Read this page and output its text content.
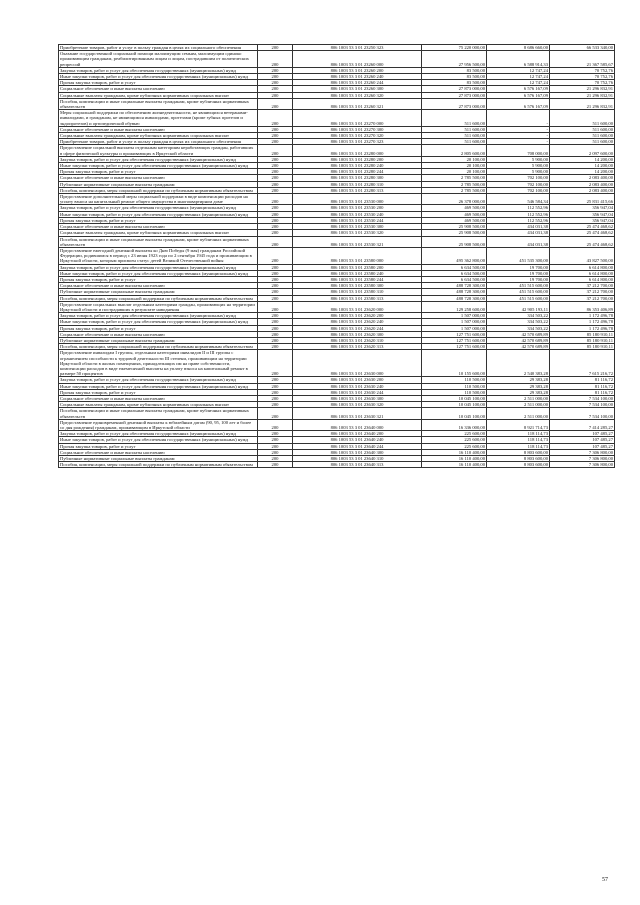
Приобретение товаров, работ и услуг в пользу граждан в целях их социального обеспечения	200	806 1003 53 3 01 23250 323	75 220 000,00	8 686 660,00	66 533 340,00
Оказание государственной социальной помощи малоимущим семьям, малоимущим одиноко проживающим гражданам, реабилитированным лицам и лицам, пострадавшим от политических репрессий	200	806 1003 53 3 01 23260 000	27 956 500,00	6 588 914,33	21 367 585,67
Закупка товаров, работ и услуг для обеспечения государственных (муниципальных) нужд	200	806 1003 53 3 01 23260 200	83 500,00	12 747,24	70 752,76
Иные закупки товаров, работ и услуг для обеспечения государственных (муниципальных) нужд	200	806 1003 53 3 01 23260 240	83 500,00	12 747,24	70 752,76
Прочая закупка товаров, работ и услуг	200	806 1003 53 3 01 23260 244	83 500,00	12 747,24	70 752,76
Социальное обеспечение и иные выплаты населению	200	806 1003 53 3 01 23260 300	27 873 000,00	6 576 167,09	21 296 832,91
Социальные выплаты гражданам, кроме публичных нормативных социальных выплат	200	806 1003 53 3 01 23260 320	27 873 000,00	6 576 167,09	21 296 832,91
Пособия, компенсации и иные социальные выплаты гражданам, кроме публичных нормативных обязательств	200	806 1003 53 3 01 23260 321	27 873 000,00	6 576 167,09	21 296 832,91
Меры социальной поддержки по обеспечению жизнедеятельности, не являющихся ветеранами-инвалидами, и гражданам, не являющимся инвалидами, протезами (кроме зубных протезов и эндопротезов) и ортопедической обувью	200	806 1003 53 3 01 23270 000	511 600,00	-	511 600,00
Социальное обеспечение и иные выплаты населению	200	806 1003 53 3 01 23270 300	511 600,00	-	511 600,00
Социальные выплаты гражданам, кроме публичных нормативных социальных выплат	200	806 1003 53 3 01 23270 320	511 600,00	-	511 600,00
Приобретение товаров, работ и услуг в пользу граждан в целях их социального обеспечения	200	806 1003 53 3 01 23270 323	511 600,00	-	511 600,00
Предоставление социальной выплаты отдельным категориям неработающих граждан, работавших в сфере физической культуры и проживающих в Иркутской области	200	806 1003 53 3 01 23280 000	2 805 600,00	708 000,00	2 097 600,00
Закупка товаров, работ и услуг для обеспечения государственных (муниципальных) нужд	200	806 1003 53 3 01 23280 200	20 100,00	5 900,00	14 200,00
Иные закупки товаров, работ и услуг для обеспечения государственных (муниципальных) нужд	200	806 1003 53 3 01 23280 240	20 100,00	5 900,00	14 200,00
Прочая закупка товаров, работ и услуг	200	806 1003 53 3 01 23280 244	20 100,00	5 900,00	14 200,00
Социальное обеспечение и иные выплаты населению	200	806 1003 53 3 01 23280 300	2 785 500,00	702 100,00	2 083 400,00
Публичные нормативные социальные выплаты гражданам	200	806 1003 53 3 01 23280 310	2 785 500,00	702 100,00	2 083 400,00
Пособия, компенсации, меры социальной поддержки по публичным нормативным обязательствам	200	806 1003 53 3 01 23280 313	2 785 500,00	702 100,00	2 083 400,00
Предоставление дополнительной меры социальной поддержки в виде компенсации расходов на уплату взноса на капитальный ремонт общего имущества в многоквартирном доме	200	806 1003 53 3 01 23530 000	26 378 000,00	546 584,34	25 831 415,66
Закупка товаров, работ и услуг для обеспечения государственных (муниципальных) нужд	200	806 1003 53 3 01 23530 200	469 500,00	112 552,96	356 947,04
Иные закупки товаров, работ и услуг для обеспечения государственных (муниципальных) нужд	200	806 1003 53 3 01 23530 240	469 500,00	112 552,96	356 947,04
Прочая закупка товаров, работ и услуг	200	806 1003 53 3 01 23530 244	469 500,00	112 552,96	356 947,04
Социальное обеспечение и иные выплаты населению	200	806 1003 53 3 01 23530 300	25 908 500,00	434 031,38	25 474 468,62
Социальные выплаты гражданам, кроме публичных нормативных социальных выплат	200	806 1003 53 3 01 23530 320	25 908 500,00	434 031,38	25 474 468,62
Пособия, компенсации и иные социальные выплаты гражданам, кроме публичных нормативных обязательств	200	806 1003 53 3 01 23530 321	25 908 500,00	434 031,38	25 474 468,62
Предоставление ежегодной денежной выплаты ко Дню Победы (9 мая) гражданам Российской Федерации, родившимся в период с 23 июня 1923 года по 2 сентября 1945 года и проживающим в Иркутской области, которым присвоен статус детей Великой Отечественной войны	200	806 1003 53 3 01 23580 000	495 362 800,00	451 535 300,00	43 827 500,00
Закупка товаров, работ и услуг для обеспечения государственных (муниципальных) нужд	200	806 1003 53 3 01 23580 200	6 634 500,00	19 700,00	6 614 800,00
Иные закупки товаров, работ и услуг для обеспечения государственных (муниципальных) нужд	200	806 1003 53 3 01 23580 240	6 634 500,00	19 700,00	6 614 800,00
Прочая закупка товаров, работ и услуг	200	806 1003 53 3 01 23580 244	6 634 500,00	19 700,00	6 614 800,00
Социальное обеспечение и иные выплаты населению	200	806 1003 53 3 01 23580 300	488 728 300,00	451 515 600,00	37 212 700,00
Публичные нормативные социальные выплаты гражданам	200	806 1003 53 3 01 23580 310	488 728 300,00	451 515 600,00	37 212 700,00
Пособия, компенсации, меры социальной поддержки по публичным нормативным обязательствам	200	806 1003 53 3 01 23580 313	488 728 300,00	451 515 600,00	37 212 700,00
Предоставление социальных выплат отдельным категориям граждан, проживающих на территории Иркутской области и пострадавших в результате наводнения	200	806 1003 53 3 01 23620 000	129 258 600,00	42 905 193,11	86 353 406,89
Закупка товаров, работ и услуг для обеспечения государственных (муниципальных) нужд	200	806 1003 53 3 01 23620 200	1 507 000,00	334 503,22	1 172 496,78
Иные закупки товаров, работ и услуг для обеспечения государственных (муниципальных) нужд	200	806 1003 53 3 01 23620 240	1 507 000,00	334 503,22	1 172 496,78
Прочая закупка товаров, работ и услуг	200	806 1003 53 3 01 23620 244	1 507 000,00	334 503,22	1 172 496,78
Социальное обеспечение и иные выплаты населению	200	806 1003 53 3 01 23620 300	127 751 600,00	42 570 689,89	85 180 910,11
Публичные нормативные социальные выплаты гражданам	200	806 1003 53 3 01 23620 310	127 751 600,00	42 570 689,89	85 180 910,11
Пособия, компенсации, меры социальной поддержки по публичным нормативным обязательствам	200	806 1003 53 3 01 23620 313	127 751 600,00	42 570 689,89	85 180 910,11
Предоставление инвалидам I группы, отдельным категориям инвалидов II и III группы с ограничением способности к трудовой деятельности III степени, проживающим на территории Иркутской области в жилых помещениях, принадлежащих им на праве собственности, компенсации расходов в виде ежемесячной выплаты на уплату взноса на капитальный ремонт в размере 50 процентов	200	806 1003 53 3 01 23630 000	10 155 600,00	2 540 383,28	7 615 216,72
Закупка товаров, работ и услуг для обеспечения государственных (муниципальных) нужд	200	806 1003 53 3 01 23630 200	110 500,00	29 383,28	81 116,72
Иные закупки товаров, работ и услуг для обеспечения государственных (муниципальных) нужд	200	806 1003 53 3 01 23630 240	110 500,00	29 383,28	81 116,72
Прочая закупка товаров, работ и услуг	200	806 1003 53 3 01 23630 244	110 500,00	29 383,28	81 116,72
Социальное обеспечение и иные выплаты населению	200	806 1003 53 3 01 23630 300	10 045 100,00	2 511 000,00	7 534 100,00
Социальные выплаты гражданам, кроме публичных нормативных социальных выплат	200	806 1003 53 3 01 23630 320	10 045 100,00	2 511 000,00	7 534 100,00
Пособия, компенсации и иные социальные выплаты гражданам, кроме публичных нормативных обязательств	200	806 1003 53 3 01 23630 321	10 045 100,00	2 511 000,00	7 534 100,00
Предоставление единовременной денежной выплаты к юбилейным датам (90, 95, 100 лет и более со дня рождения) гражданам, проживающим в Иркутской области	200	806 1003 53 3 01 23640 000	16 336 000,00	8 921 714,73	7 414 285,27
Закупка товаров, работ и услуг для обеспечения государственных (муниципальных) нужд	200	806 1003 53 3 01 23640 200	225 600,00	118 114,73	107 485,27
Иные закупки товаров, работ и услуг для обеспечения государственных (муниципальных) нужд	200	806 1003 53 3 01 23640 240	225 600,00	118 114,73	107 485,27
Прочая закупка товаров, работ и услуг	200	806 1003 53 3 01 23640 244	225 600,00	118 114,73	107 485,27
Социальное обеспечение и иные выплаты населению	200	806 1003 53 3 01 23640 300	16 110 400,00	8 803 600,00	7 306 800,00
Публичные нормативные социальные выплаты гражданам	200	806 1003 53 3 01 23640 310	16 110 400,00	8 803 600,00	7 306 800,00
Пособия, компенсации, меры социальной поддержки по публичным нормативным обязательствам	200	806 1003 53 3 01 23640 313	16 110 400,00	8 803 600,00	7 306 800,00
57
